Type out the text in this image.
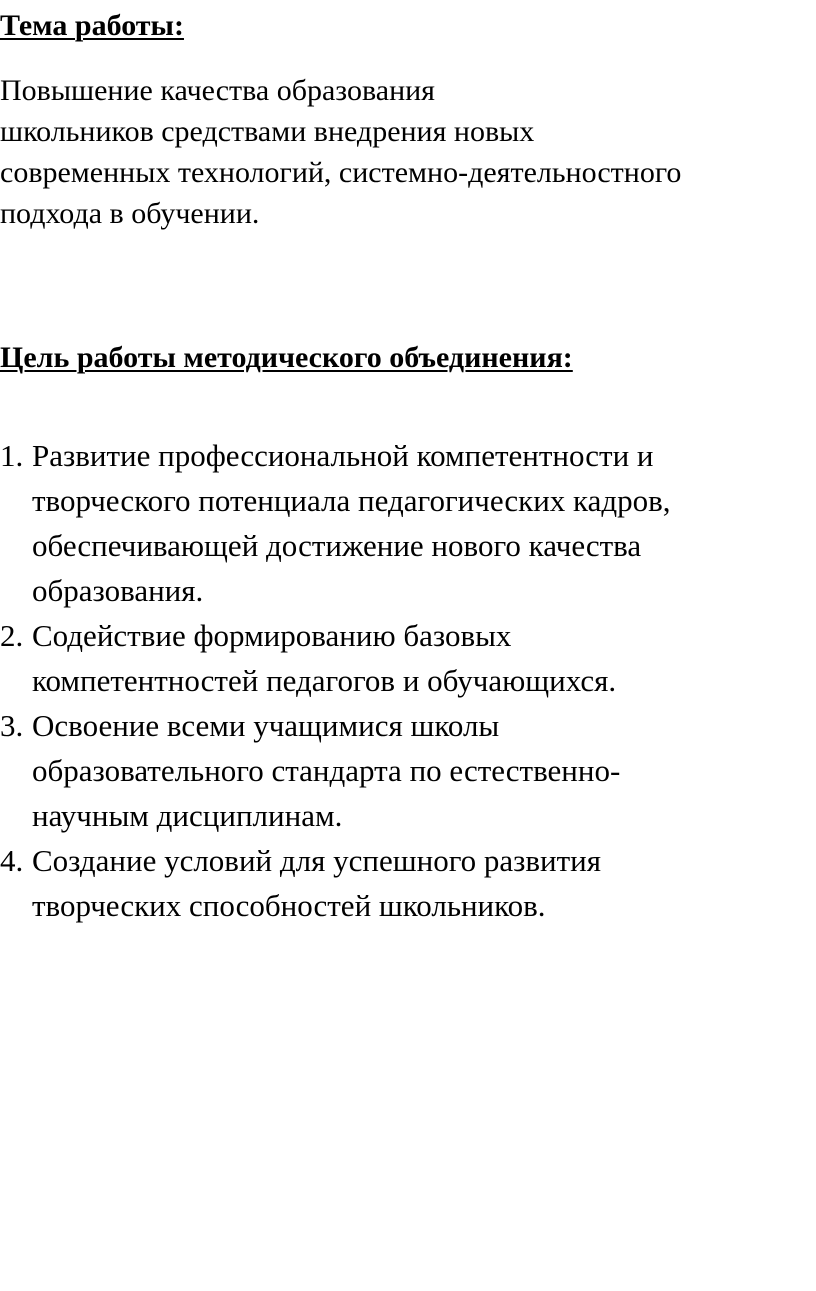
Тема работы:

Повышение качества образования
школьников средствами внедрения новых
современных технологий, системно-деятельностного
подхода в обучении.

Цель работы методического объединения:
1. Развитие профессиональной компетентности и
творческого потенциала педагогических кадров,
обеспечивающей достижение нового качества
образования.
2. Содействие формированию базовых
компетентностей педагогов и обучающихся.
3. Освоение всеми учащимися школы
образовательного стандарта по естественно-
научным дисциплинам.
4. Создание условий для успешного развития
творческих способностей школьников.
